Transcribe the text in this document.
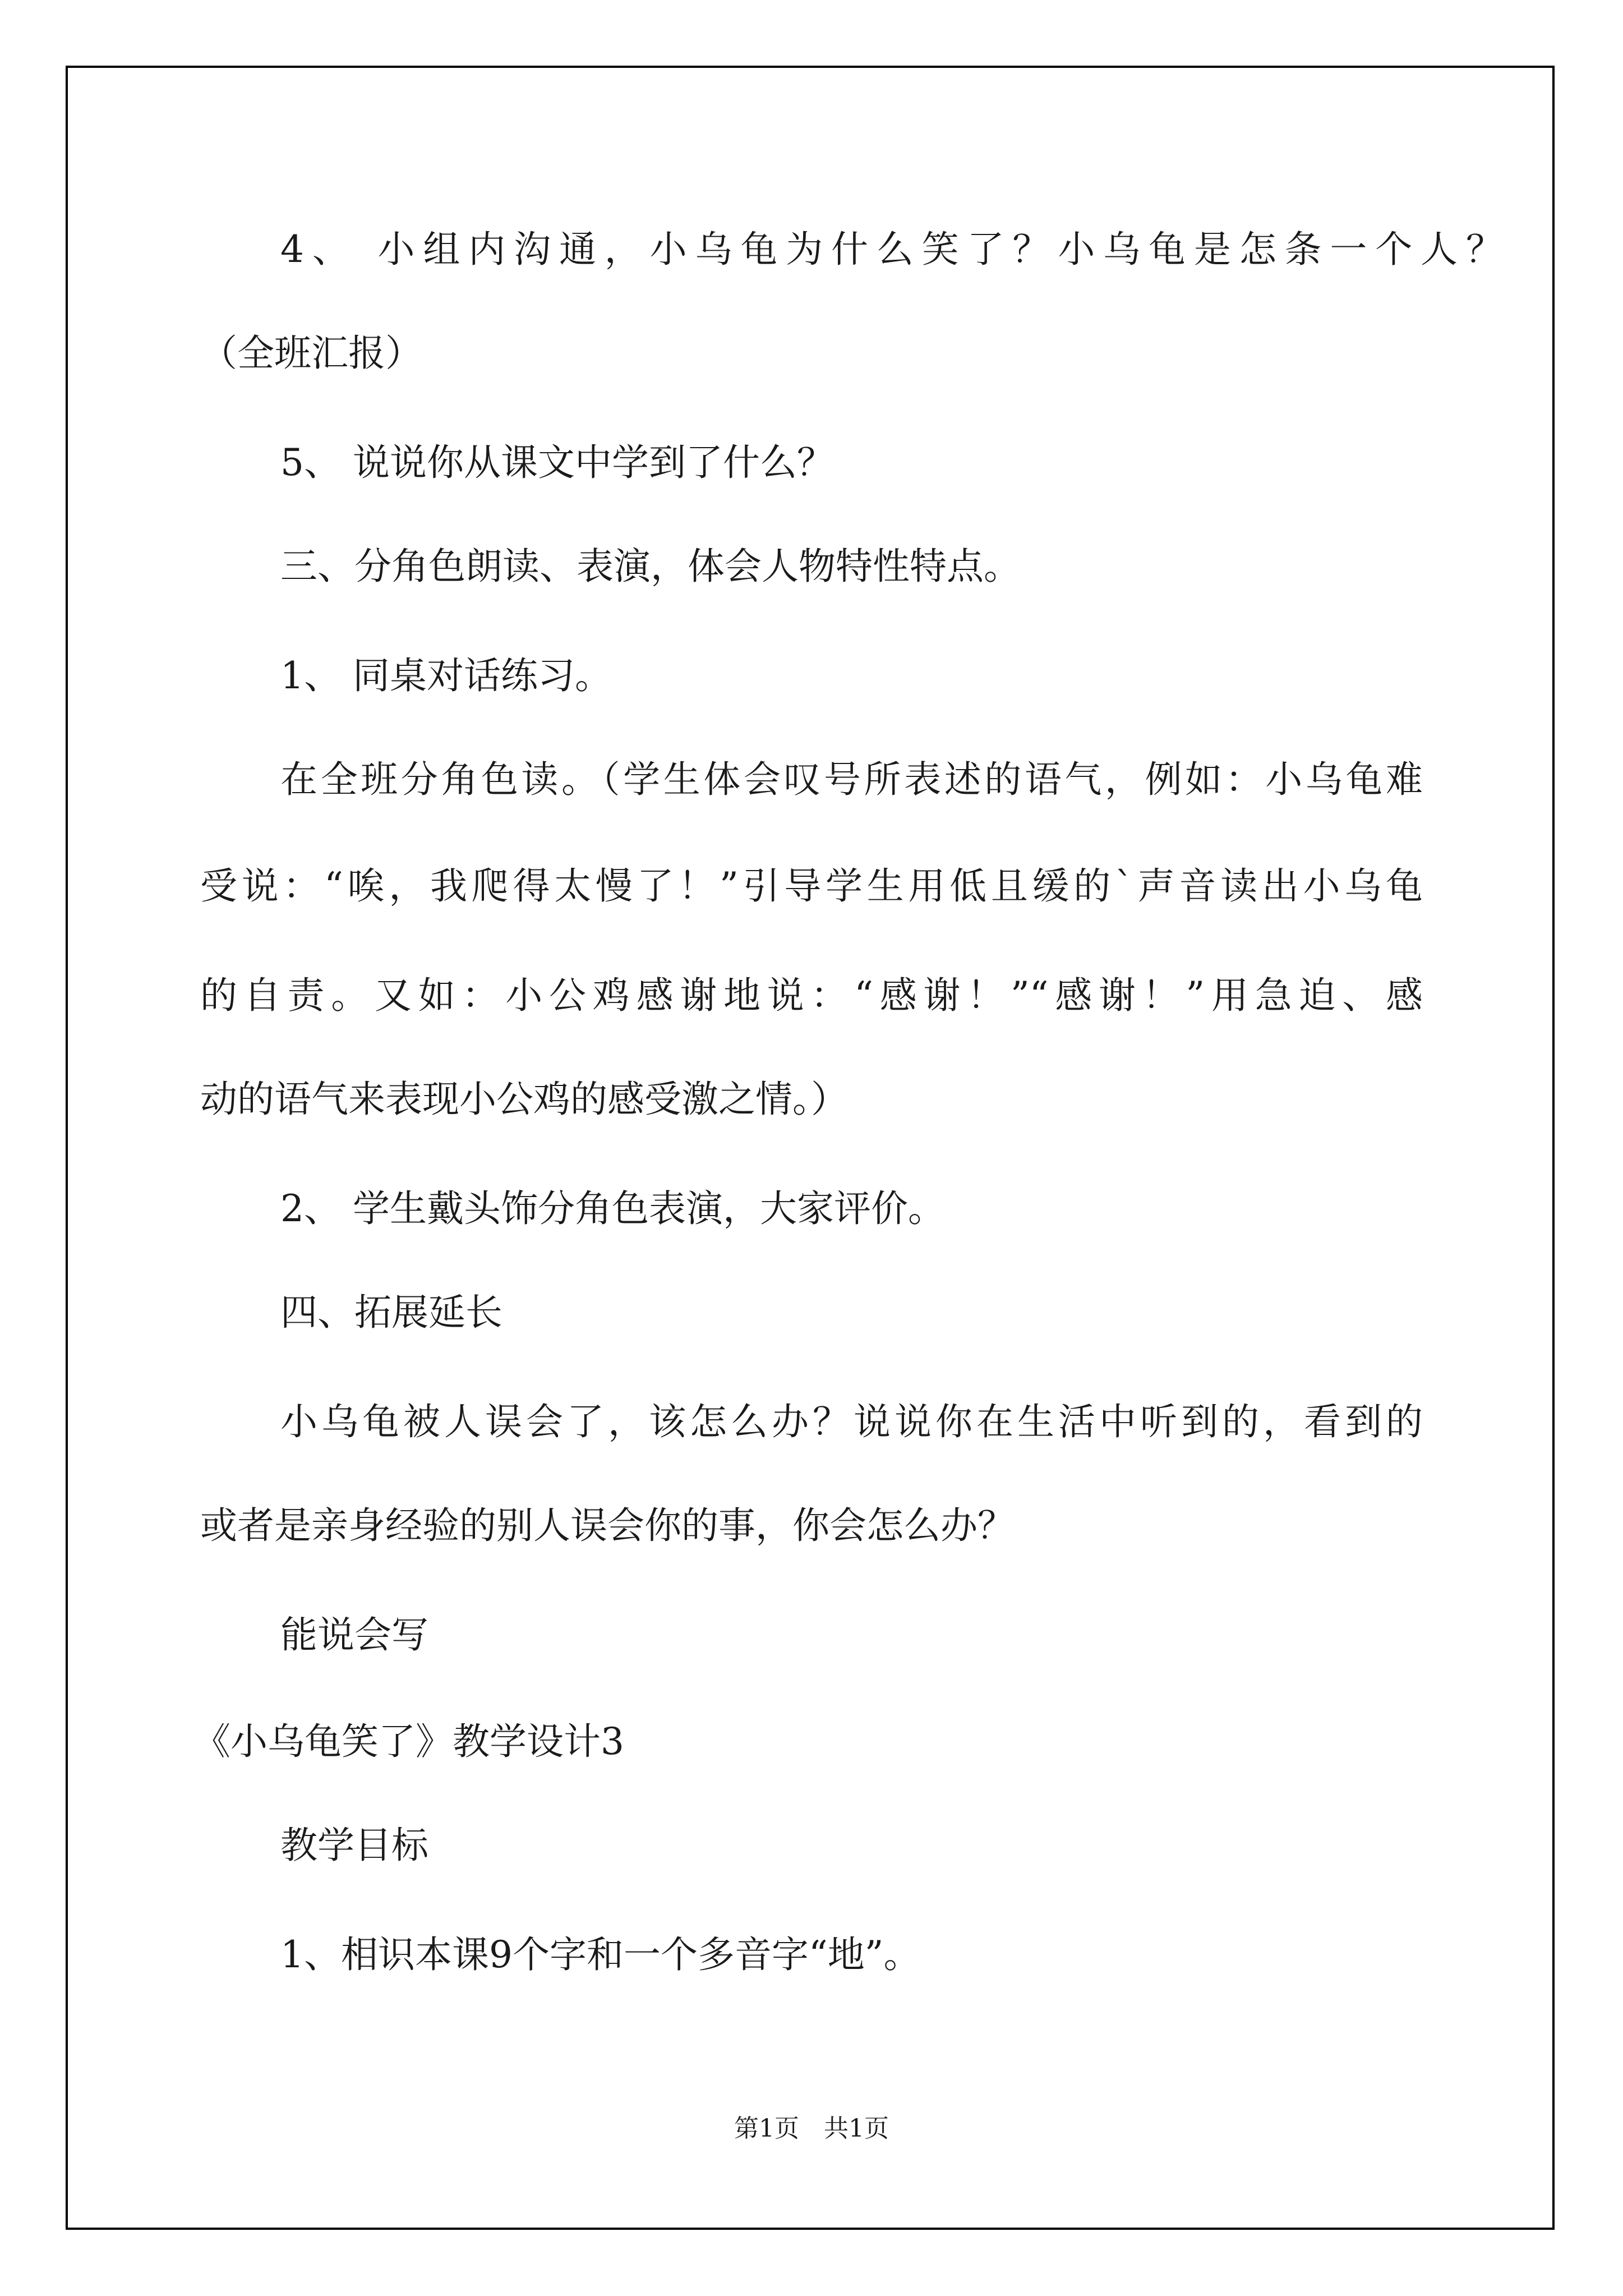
4、 小组内沟通，小乌龟为什么笑了？小乌龟是怎条一个人？
（全班汇报）
5、 说说你从课文中学到了什么？
三、分角色朗读、表演，体会人物特性特点。
1、 同桌对话练习。
在全班分角色读。（学生体会叹号所表述的语气，例如：小乌龟难
受说：“唉，我爬得太慢了！”引导学生用低且缓的`声音读出小乌龟
的自责。又如：小公鸡感谢地说：“感谢！”“感谢！”用急迫、感
动的语气来表现小公鸡的感受激之情。）
2、 学生戴头饰分角色表演，大家评价。
四、拓展延长
小乌龟被人误会了，该怎么办？说说你在生活中听到的，看到的
或者是亲身经验的别人误会你的事，你会怎么办？
能说会写
《小乌龟笑了》教学设计3
教学目标
1、相识本课9个字和一个多音字“地”。
第1页　共1页
